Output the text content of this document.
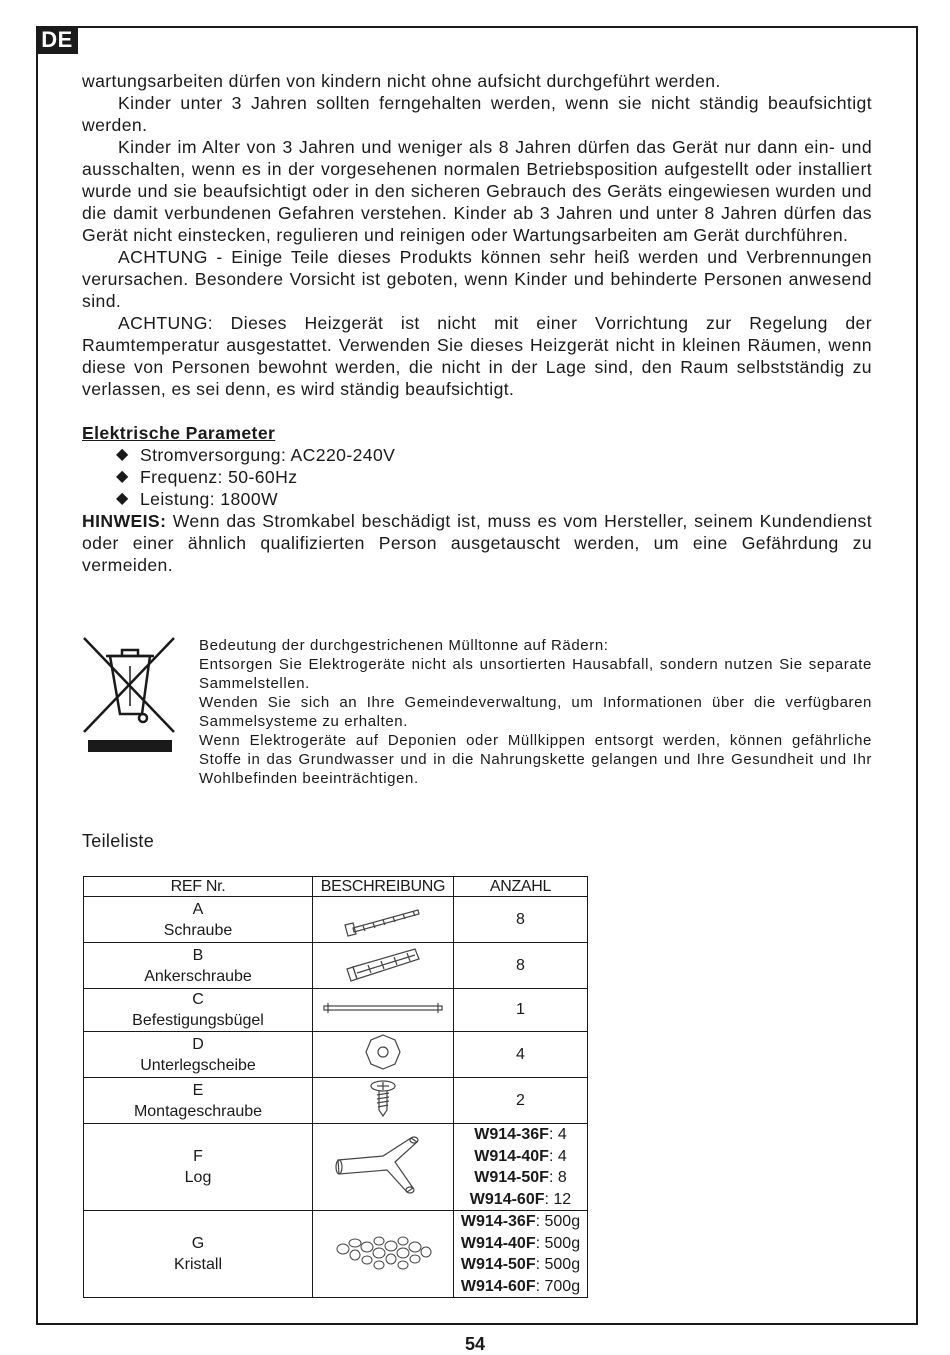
DE

wartungsarbeiten dürfen von kindern nicht ohne aufsicht durchgeführt werden.

Kinder unter 3 Jahren sollten ferngehalten werden, wenn sie nicht ständig beaufsichtigt werden.

Kinder im Alter von 3 Jahren und weniger als 8 Jahren dürfen das Gerät nur dann ein- und ausschalten, wenn es in der vorgesehenen normalen Betriebsposition aufgestellt oder installiert wurde und sie beaufsichtigt oder in den sicheren Gebrauch des Geräts eingewiesen wurden und die damit verbundenen Gefahren verstehen. Kinder ab 3 Jahren und unter 8 Jahren dürfen das Gerät nicht einstecken, regulieren und reinigen oder Wartungsarbeiten am Gerät durchführen.

ACHTUNG - Einige Teile dieses Produkts können sehr heiß werden und Verbrennungen verursachen. Besondere Vorsicht ist geboten, wenn Kinder und behinderte Personen anwesend sind.

ACHTUNG: Dieses Heizgerät ist nicht mit einer Vorrichtung zur Regelung der Raumtemperatur ausgestattet. Verwenden Sie dieses Heizgerät nicht in kleinen Räumen, wenn diese von Personen bewohnt werden, die nicht in der Lage sind, den Raum selbstständig zu verlassen, es sei denn, es wird ständig beaufsichtigt.

Elektrische Parameter

◆ Stromversorgung: AC220-240V
◆ Frequenz: 50-60Hz
◆ Leistung: 1800W

HINWEIS: Wenn das Stromkabel beschädigt ist, muss es vom Hersteller, seinem Kundendienst oder einer ähnlich qualifizierten Person ausgetauscht werden, um eine Gefährdung zu vermeiden.

Bedeutung der durchgestrichenen Mülltonne auf Rädern:

Entsorgen Sie Elektrogeräte nicht als unsortierten Hausabfall, sondern nutzen Sie separate Sammelstellen.

Wenden Sie sich an Ihre Gemeindeverwaltung, um Informationen über die verfügbaren Sammelsysteme zu erhalten.

Wenn Elektrogeräte auf Deponien oder Müllkippen entsorgt werden, können gefährliche Stoffe in das Grundwasser und in die Nahrungskette gelangen und Ihre Gesundheit und Ihr Wohlbefinden beeinträchtigen.

Teileliste
REF Nr.	BESCHREIBUNG	ANZAHL

A
Schraube		8

B
Ankerschraube		8

C
Befestigungsbügel		1

D
Unterlegscheibe		4

E
Montageschraube		2

F
Log		W914-36F: 4
W914-40F: 4
W914-50F: 8
W914-60F: 12

G
Kristall		W914-36F: 500g
W914-40F: 500g
W914-50F: 500g
W914-60F: 700g
54
